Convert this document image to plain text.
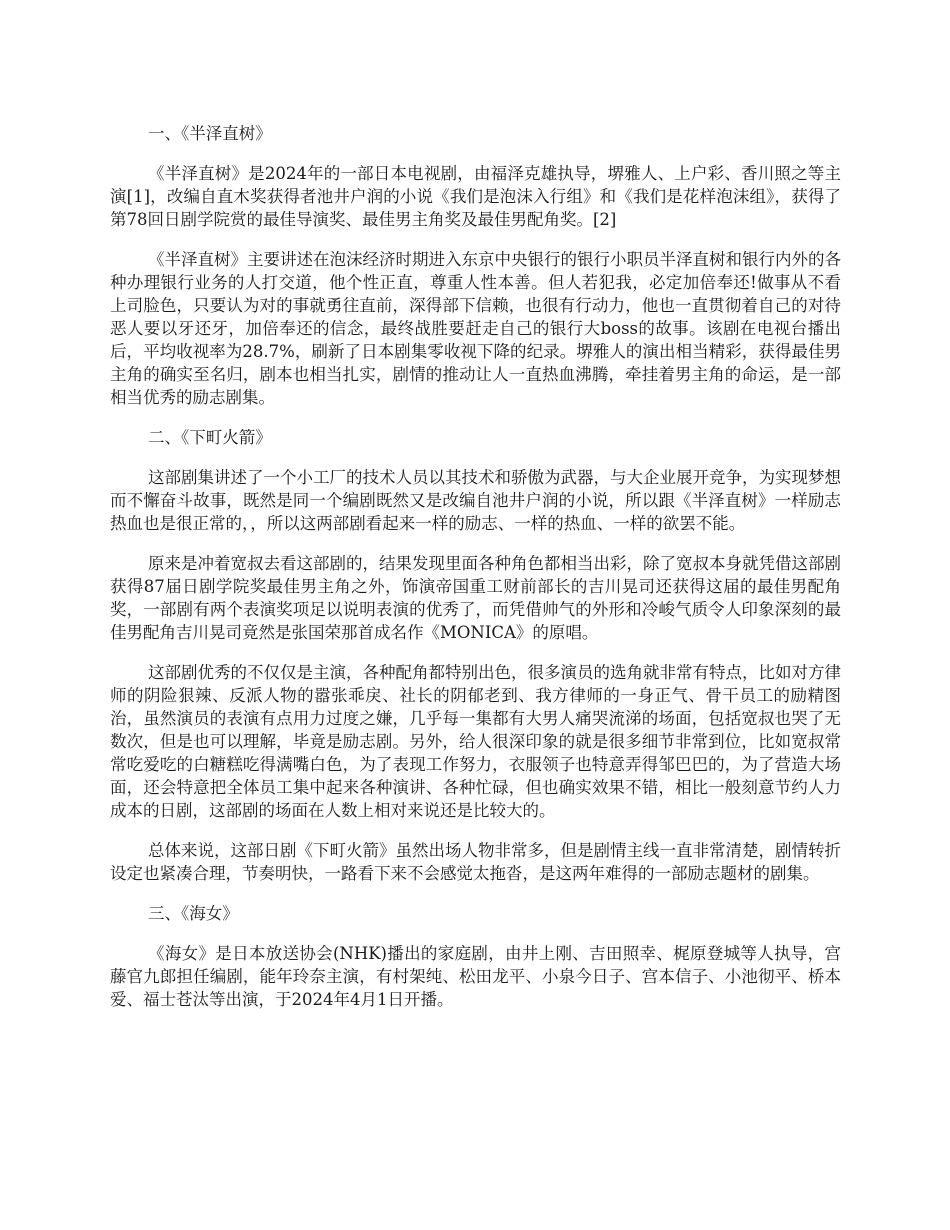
一、《半泽直树》

《半泽直树》是2024年的一部日本电视剧，由福泽克雄执导，堺雅人、上户彩、香川照之等主演[1]，改编自直木奖获得者池井户润的小说《我们是泡沫入行组》和《我们是花样泡沫组》，获得了第78回日剧学院赏的最佳导演奖、最佳男主角奖及最佳男配角奖。[2]

《半泽直树》主要讲述在泡沫经济时期进入东京中央银行的银行小职员半泽直树和银行内外的各种办理银行业务的人打交道，他个性正直，尊重人性本善。但人若犯我，必定加倍奉还!做事从不看上司脸色，只要认为对的事就勇往直前，深得部下信赖，也很有行动力，他也一直贯彻着自己的对待恶人要以牙还牙，加倍奉还的信念，最终战胜要赶走自己的银行大boss的故事。该剧在电视台播出后，平均收视率为28.7%，刷新了日本剧集零收视下降的纪录。堺雅人的演出相当精彩，获得最佳男主角的确实至名归，剧本也相当扎实，剧情的推动让人一直热血沸腾，牵挂着男主角的命运，是一部相当优秀的励志剧集。

二、《下町火箭》

这部剧集讲述了一个小工厂的技术人员以其技术和骄傲为武器，与大企业展开竞争，为实现梦想而不懈奋斗故事，既然是同一个编剧既然又是改编自池井户润的小说，所以跟《半泽直树》一样励志热血也是很正常的，，所以这两部剧看起来一样的励志、一样的热血、一样的欲罢不能。

原来是冲着宽叔去看这部剧的，结果发现里面各种角色都相当出彩，除了宽叔本身就凭借这部剧获得87届日剧学院奖最佳男主角之外，饰演帝国重工财前部长的吉川晃司还获得这届的最佳男配角奖，一部剧有两个表演奖项足以说明表演的优秀了，而凭借帅气的外形和冷峻气质令人印象深刻的最佳男配角吉川晃司竟然是张国荣那首成名作《MONICA》的原唱。

这部剧优秀的不仅仅是主演，各种配角都特别出色，很多演员的选角就非常有特点，比如对方律师的阴险狠辣、反派人物的嚣张乖戾、社长的阴郁老到、我方律师的一身正气、骨干员工的励精图治，虽然演员的表演有点用力过度之嫌，几乎每一集都有大男人痛哭流涕的场面，包括宽叔也哭了无数次，但是也可以理解，毕竟是励志剧。另外，给人很深印象的就是很多细节非常到位，比如宽叔常常吃爱吃的白糖糕吃得满嘴白色，为了表现工作努力，衣服领子也特意弄得邹巴巴的，为了营造大场面，还会特意把全体员工集中起来各种演讲、各种忙碌，但也确实效果不错，相比一般刻意节约人力成本的日剧，这部剧的场面在人数上相对来说还是比较大的。

总体来说，这部日剧《下町火箭》虽然出场人物非常多，但是剧情主线一直非常清楚，剧情转折设定也紧凑合理，节奏明快，一路看下来不会感觉太拖沓，是这两年难得的一部励志题材的剧集。

三、《海女》

《海女》是日本放送协会(NHK)播出的家庭剧，由井上刚、吉田照幸、梶原登城等人执导，宫藤官九郎担任编剧，能年玲奈主演，有村架纯、松田龙平、小泉今日子、宫本信子、小池彻平、桥本爱、福士苍汰等出演，于2024年4月1日开播。
